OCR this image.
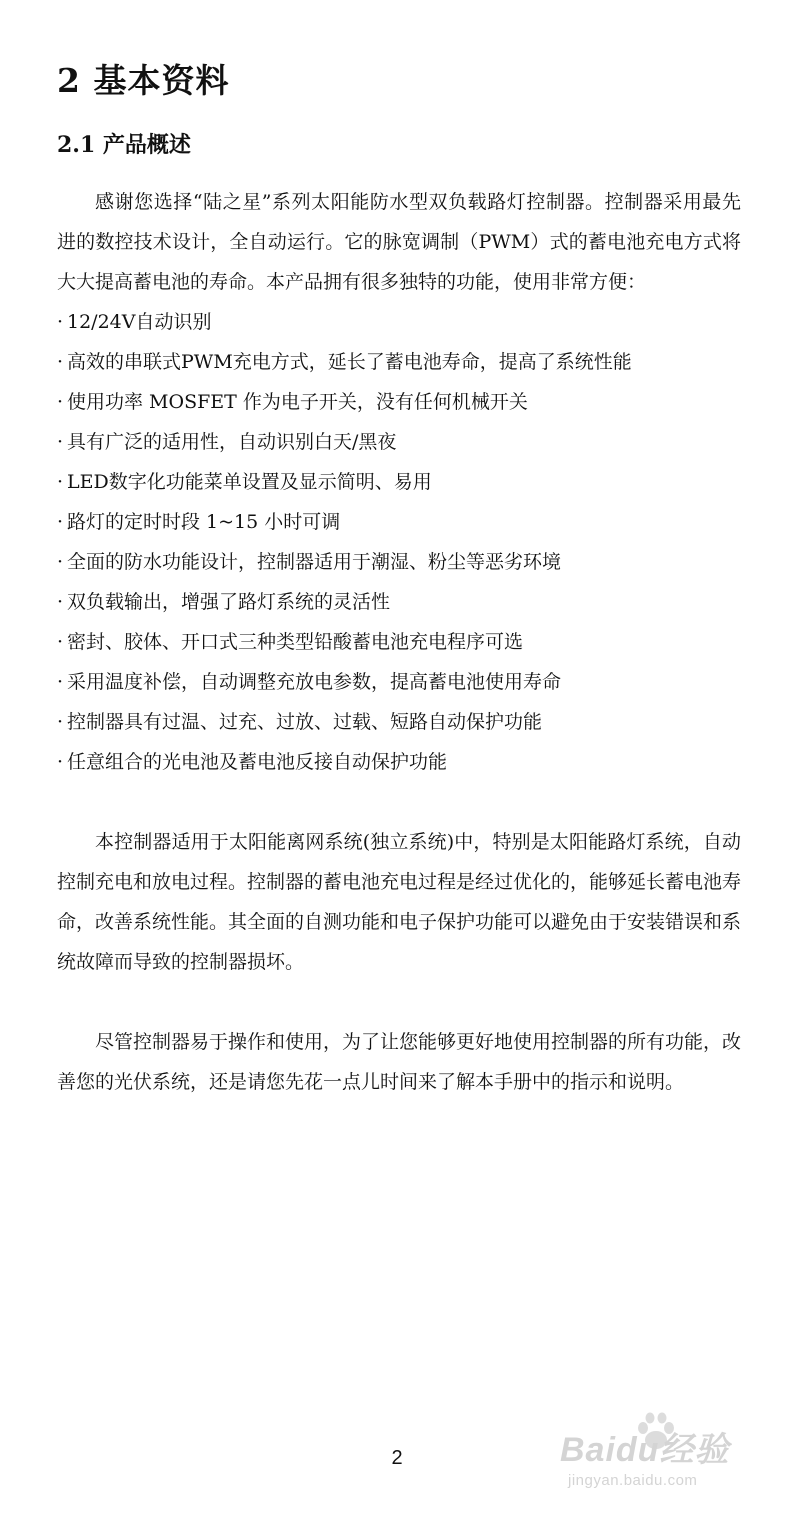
2 基本资料
2.1 产品概述

感谢您选择“陆之星”系列太阳能防水型双负载路灯控制器。控制器采用最先进的数控技术设计，全自动运行。它的脉宽调制（PWM）式的蓄电池充电方式将大大提高蓄电池的寿命。本产品拥有很多独特的功能，使用非常方便：

· 12/24V自动识别
· 高效的串联式PWM充电方式，延长了蓄电池寿命，提高了系统性能
· 使用功率 MOSFET 作为电子开关，没有任何机械开关
· 具有广泛的适用性，自动识别白天/黑夜
· LED数字化功能菜单设置及显示简明、易用
· 路灯的定时时段 1~15 小时可调
· 全面的防水功能设计，控制器适用于潮湿、粉尘等恶劣环境
· 双负载输出，增强了路灯系统的灵活性
· 密封、胶体、开口式三种类型铅酸蓄电池充电程序可选
· 采用温度补偿，自动调整充放电参数，提高蓄电池使用寿命
· 控制器具有过温、过充、过放、过载、短路自动保护功能
· 任意组合的光电池及蓄电池反接自动保护功能

本控制器适用于太阳能离网系统(独立系统)中，特别是太阳能路灯系统，自动控制充电和放电过程。控制器的蓄电池充电过程是经过优化的，能够延长蓄电池寿命，改善系统性能。其全面的自测功能和电子保护功能可以避免由于安装错误和系统故障而导致的控制器损坏。

尽管控制器易于操作和使用，为了让您能够更好地使用控制器的所有功能，改善您的光伏系统，还是请您先花一点儿时间来了解本手册中的指示和说明。

2	Baidu经验
jingyan.baidu.com
